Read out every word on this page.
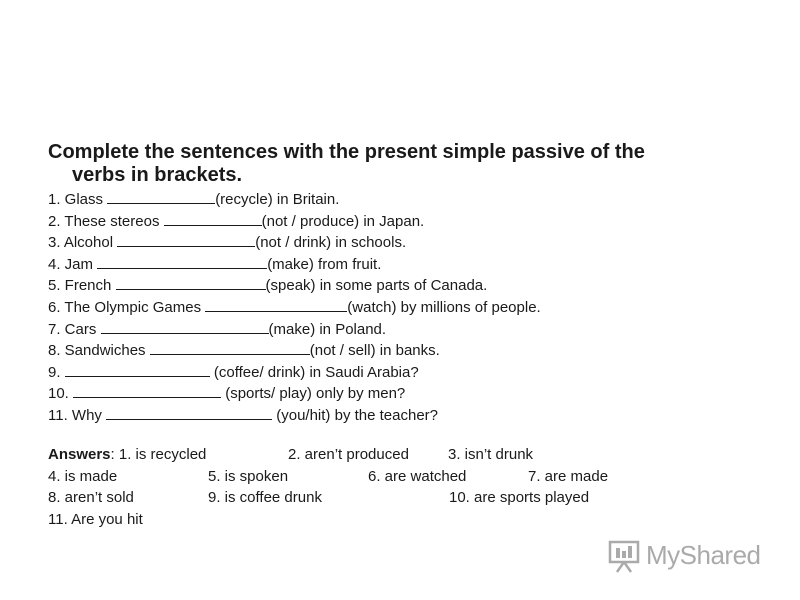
Complete the sentences with the present simple passive of the
verbs in brackets.
1. Glass	(recycle) in Britain.
2. These stereos	(not / produce) in Japan.
3. Alcohol	(not / drink) in schools.
4. Jam	(make) from fruit.
5. French	(speak) in some parts of Canada.
6. The Olympic Games	(watch) by millions of people.
7. Cars	(make) in Poland.
8. Sandwiches	(not / sell) in banks.
9.	(coffee/ drink) in Saudi Arabia?
10.	(sports/ play) only by men?
11. Why	(you/hit) by the teacher?
Answers: 1. is recycled	2. aren’t produced	3. isn’t drunk
4. is made	5. is spoken	6. are watched	7. are made
8. aren’t sold	9. is coffee drunk	10. are sports played
11. Are you hit
MyShared
